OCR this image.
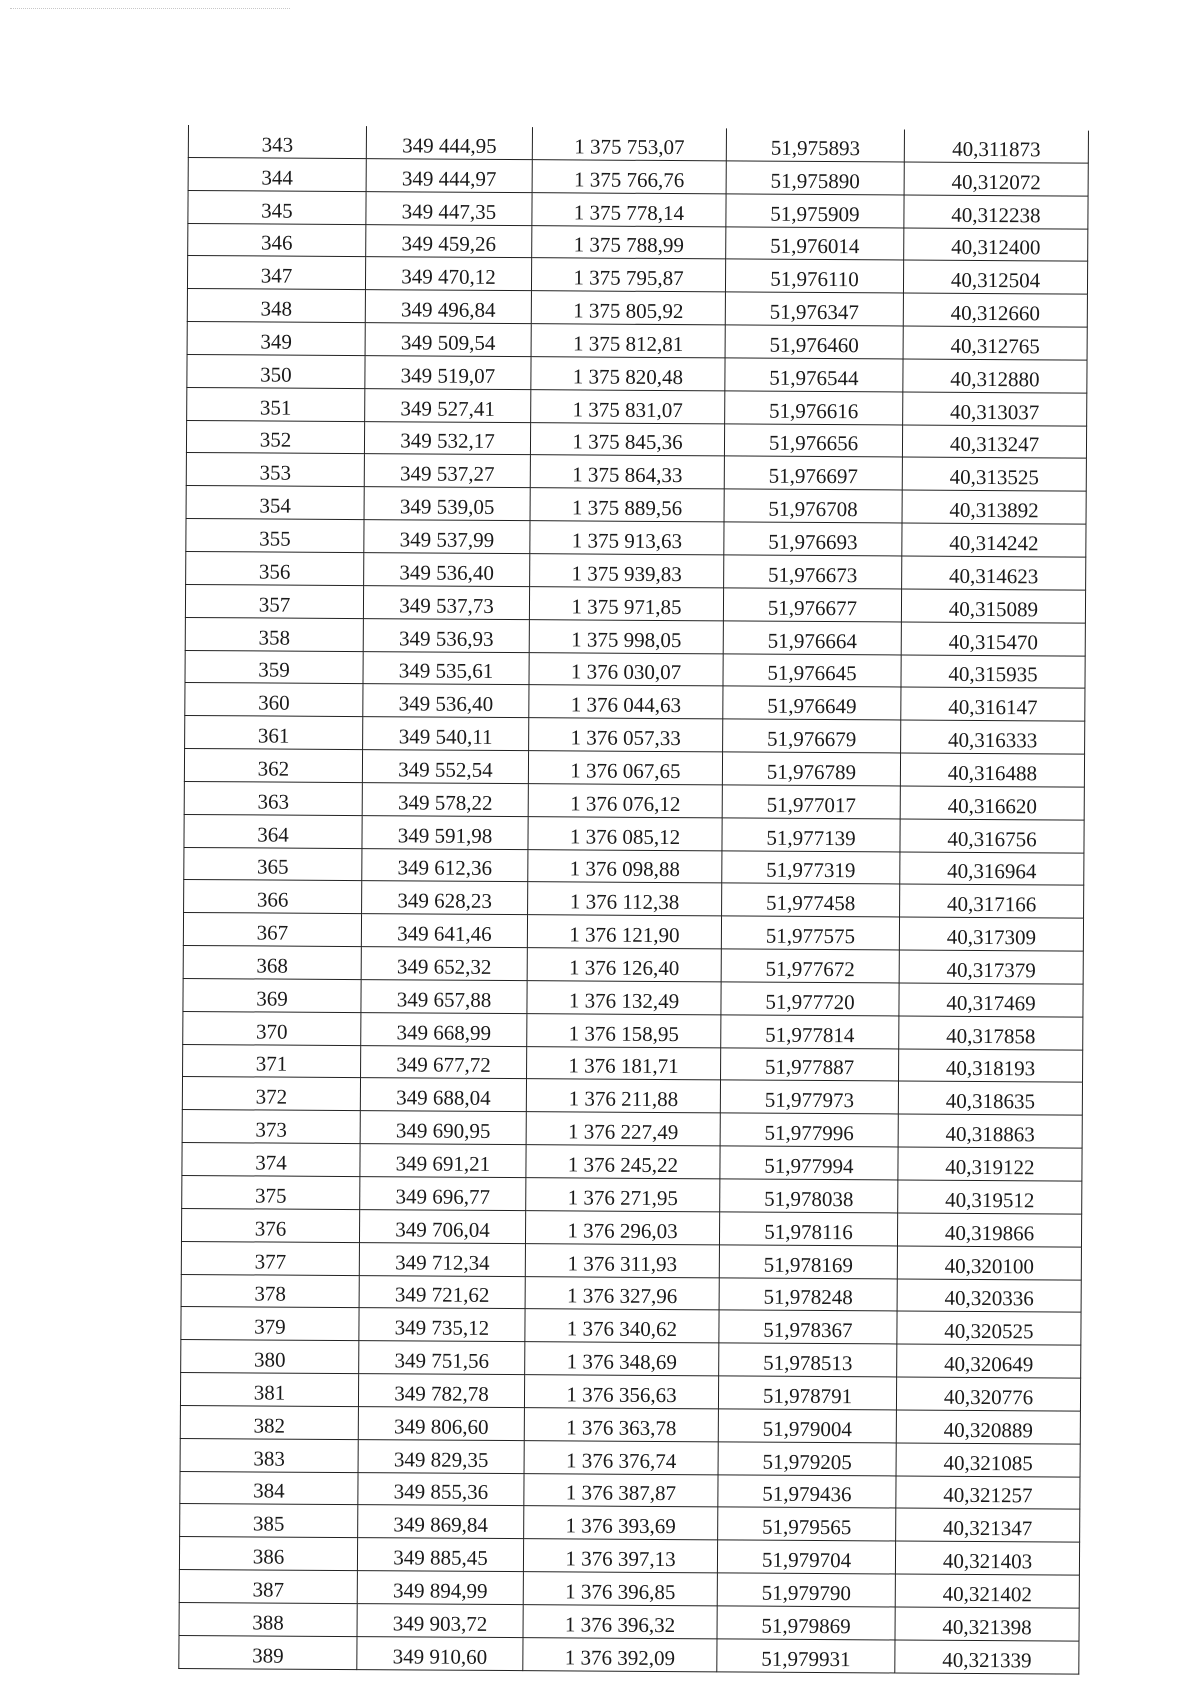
343	349 444,95	1 375 753,07	51,975893	40,311873
344	349 444,97	1 375 766,76	51,975890	40,312072
345	349 447,35	1 375 778,14	51,975909	40,312238
346	349 459,26	1 375 788,99	51,976014	40,312400
347	349 470,12	1 375 795,87	51,976110	40,312504
348	349 496,84	1 375 805,92	51,976347	40,312660
349	349 509,54	1 375 812,81	51,976460	40,312765
350	349 519,07	1 375 820,48	51,976544	40,312880
351	349 527,41	1 375 831,07	51,976616	40,313037
352	349 532,17	1 375 845,36	51,976656	40,313247
353	349 537,27	1 375 864,33	51,976697	40,313525
354	349 539,05	1 375 889,56	51,976708	40,313892
355	349 537,99	1 375 913,63	51,976693	40,314242
356	349 536,40	1 375 939,83	51,976673	40,314623
357	349 537,73	1 375 971,85	51,976677	40,315089
358	349 536,93	1 375 998,05	51,976664	40,315470
359	349 535,61	1 376 030,07	51,976645	40,315935
360	349 536,40	1 376 044,63	51,976649	40,316147
361	349 540,11	1 376 057,33	51,976679	40,316333
362	349 552,54	1 376 067,65	51,976789	40,316488
363	349 578,22	1 376 076,12	51,977017	40,316620
364	349 591,98	1 376 085,12	51,977139	40,316756
365	349 612,36	1 376 098,88	51,977319	40,316964
366	349 628,23	1 376 112,38	51,977458	40,317166
367	349 641,46	1 376 121,90	51,977575	40,317309
368	349 652,32	1 376 126,40	51,977672	40,317379
369	349 657,88	1 376 132,49	51,977720	40,317469
370	349 668,99	1 376 158,95	51,977814	40,317858
371	349 677,72	1 376 181,71	51,977887	40,318193
372	349 688,04	1 376 211,88	51,977973	40,318635
373	349 690,95	1 376 227,49	51,977996	40,318863
374	349 691,21	1 376 245,22	51,977994	40,319122
375	349 696,77	1 376 271,95	51,978038	40,319512
376	349 706,04	1 376 296,03	51,978116	40,319866
377	349 712,34	1 376 311,93	51,978169	40,320100
378	349 721,62	1 376 327,96	51,978248	40,320336
379	349 735,12	1 376 340,62	51,978367	40,320525
380	349 751,56	1 376 348,69	51,978513	40,320649
381	349 782,78	1 376 356,63	51,978791	40,320776
382	349 806,60	1 376 363,78	51,979004	40,320889
383	349 829,35	1 376 376,74	51,979205	40,321085
384	349 855,36	1 376 387,87	51,979436	40,321257
385	349 869,84	1 376 393,69	51,979565	40,321347
386	349 885,45	1 376 397,13	51,979704	40,321403
387	349 894,99	1 376 396,85	51,979790	40,321402
388	349 903,72	1 376 396,32	51,979869	40,321398
389	349 910,60	1 376 392,09	51,979931	40,321339
